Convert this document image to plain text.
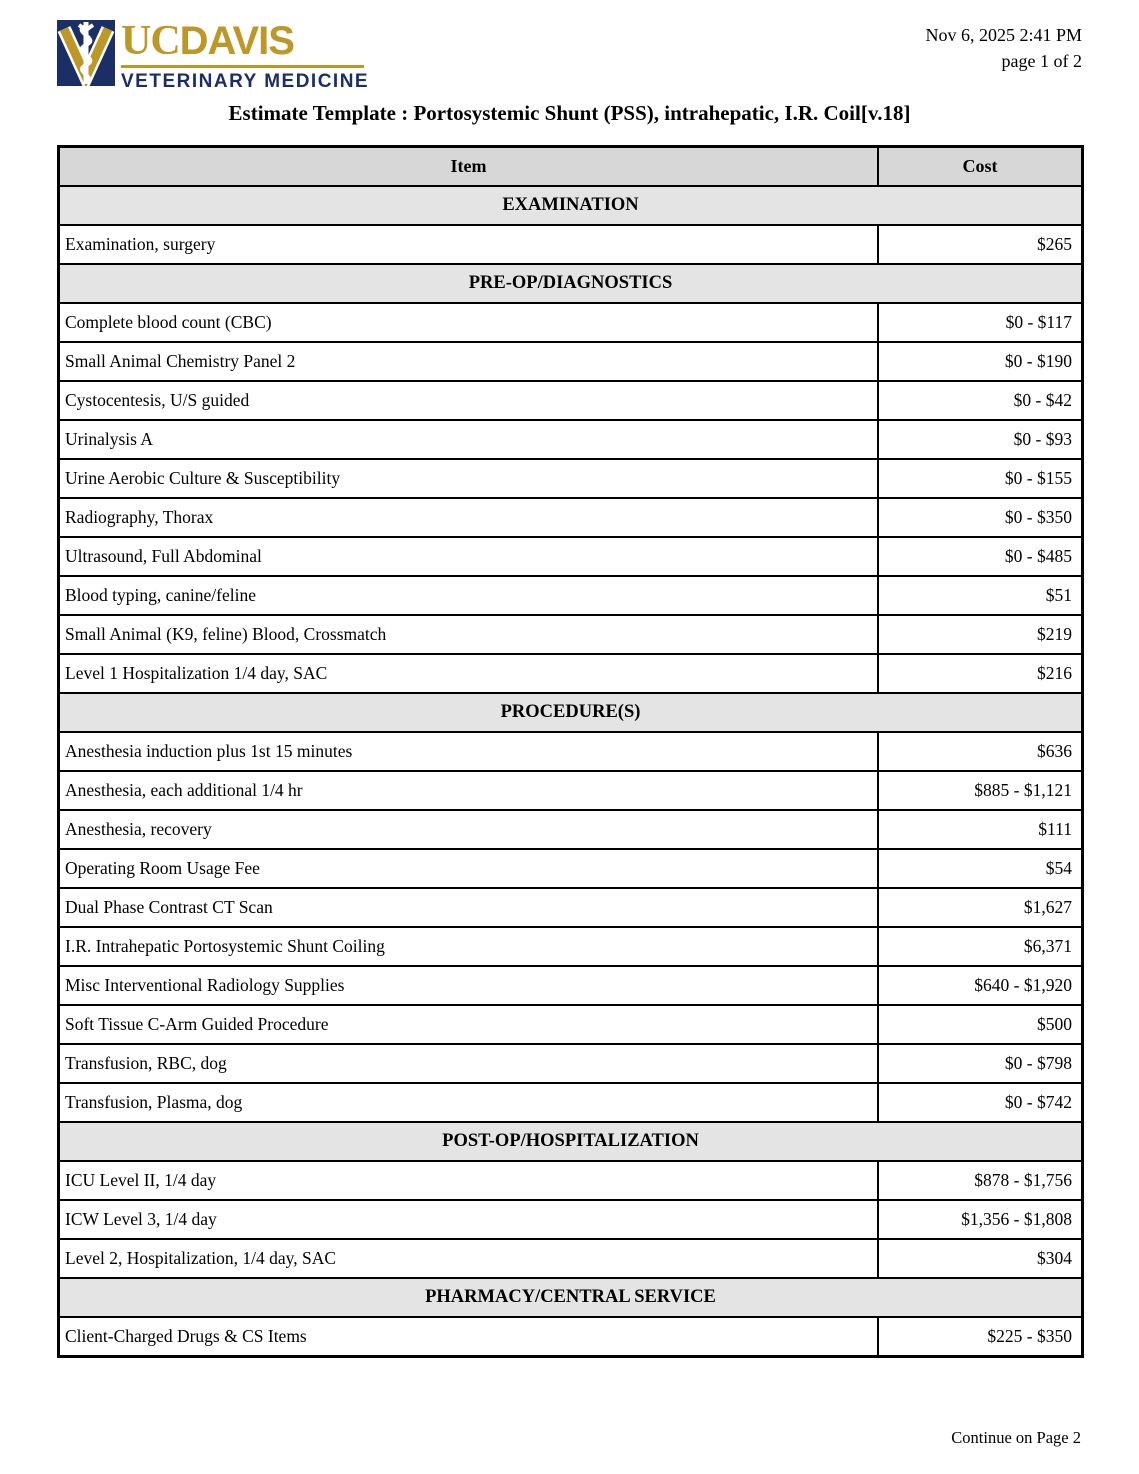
UCDAVIS
VETERINARY MEDICINE
Nov 6, 2025 2:41 PM
page 1 of 2
Estimate Template : Portosystemic Shunt (PSS), intrahepatic, I.R. Coil[v.18]
Item	Cost
EXAMINATION	
Examination, surgery	$265
PRE-OP/DIAGNOSTICS	
Complete blood count (CBC)	$0 - $117
Small Animal Chemistry Panel 2	$0 - $190
Cystocentesis, U/S guided	$0 - $42
Urinalysis A	$0 - $93
Urine Aerobic Culture & Susceptibility	$0 - $155
Radiography, Thorax	$0 - $350
Ultrasound, Full Abdominal	$0 - $485
Blood typing, canine/feline	$51
Small Animal (K9, feline) Blood, Crossmatch	$219
Level 1 Hospitalization 1/4 day, SAC	$216
PROCEDURE(S)	
Anesthesia induction plus 1st 15 minutes	$636
Anesthesia, each additional 1/4 hr	$885 - $1,121
Anesthesia, recovery	$111
Operating Room Usage Fee	$54
Dual Phase Contrast CT Scan	$1,627
I.R. Intrahepatic Portosystemic Shunt Coiling	$6,371
Misc Interventional Radiology Supplies	$640 - $1,920
Soft Tissue C-Arm Guided Procedure	$500
Transfusion, RBC, dog	$0 - $798
Transfusion, Plasma, dog	$0 - $742
POST-OP/HOSPITALIZATION	
ICU Level II, 1/4 day	$878 - $1,756
ICW Level 3, 1/4 day	$1,356 - $1,808
Level 2, Hospitalization, 1/4 day, SAC	$304
PHARMACY/CENTRAL SERVICE	
Client-Charged Drugs & CS Items	$225 - $350
Continue on Page 2
